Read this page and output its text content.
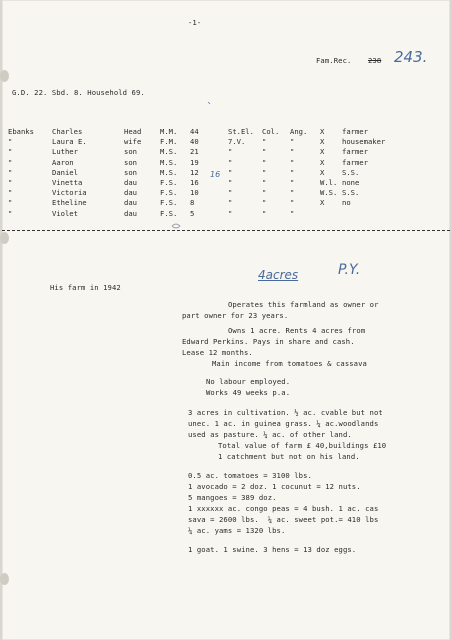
-1-
Fam.Rec. 238 243.
G.D. 22. Sbd. 8. Household 69.
Ebanks	Charles	Head	M.M. 44	St.El. Col. Ang. X farmer
"	Laura E.	wife	F.M. 40	7.V. "	"	X housemaker
"	Luther	son	M.S. 21	"	"	"	X farmer
"	Aaron	son	M.S. 19	"	"	"	X farmer
"	Daniel	son	M.S. 12	"	"	"	X S.S.
"	Vinetta	dau	F.S. 16	"	"	"	W.l. none
"	Victoria	dau	F.S. 10	"	"	"	W.S. S.S.
"	Etheline	dau	F.S. 8	"	"	"	X no
"	Violet	dau	F.S. 5	"	"	"
16
4acres	P.Y.
His farm in 1942
Operates this farmland as owner or
part owner for 23 years.
Owns 1 acre. Rents 4 acres from
Edward Perkins. Pays in share and cash.
Lease 12 months.
Main income from tomatoes & cassava
No labour employed.
Works 49 weeks p.a.
3 acres in cultivation. ½ ac. cvable but not
unec. 1 ac. in guinea grass. ¼ ac.woodlands
used as pasture. ¼ ac. of other land.
Total value of farm £ 40,buildings £10
1 catchment but not on his land.
0.5 ac. tomatoes = 3100 lbs.
1 avocado = 2 doz. 1 cocunut = 12 nuts.
5 mangoes = 389 doz.
1 xxxxxx ac. congo peas = 4 bush. 1 ac. cas
sava = 2600 lbs.  ¼ ac. sweet pot.= 410 lbs
¼ ac. yams = 1320 lbs.
1 goat. 1 swine. 3 hens = 13 doz eggs.
